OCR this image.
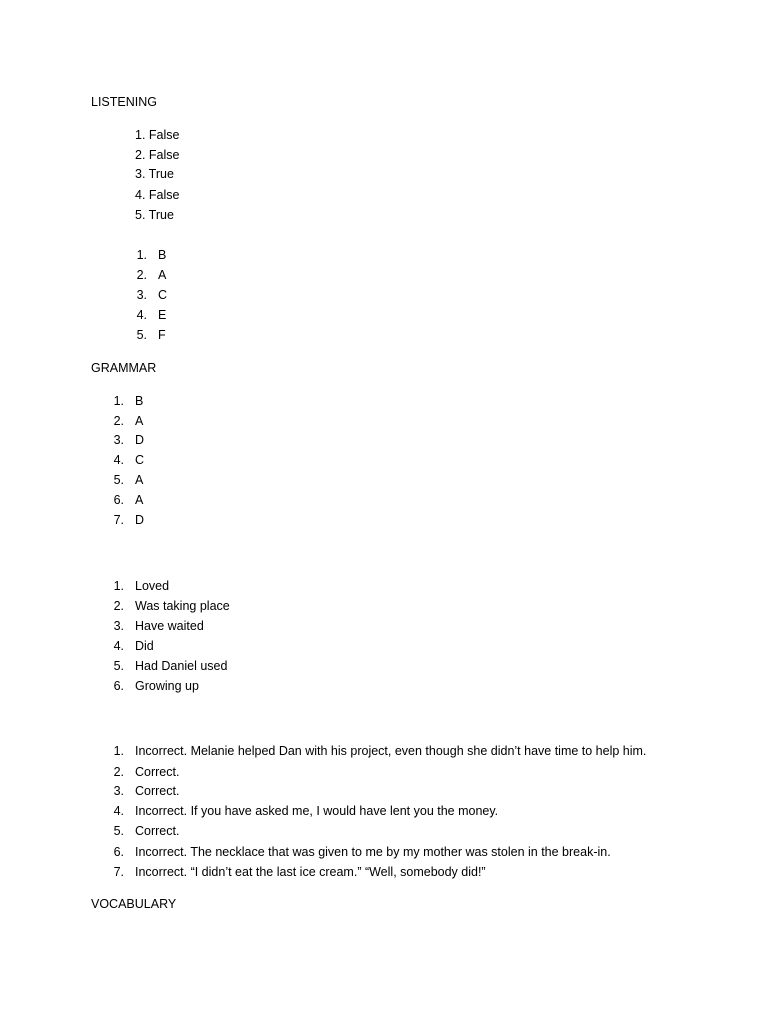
LISTENING
GRAMMAR
VOCABULARY
1. False
2. False
3. True
4. False
5. True
1. B
2. A
3. C
4. E
5. F
1. B
2. A
3. D
4. C
5. A
6. A
7. D
1. Loved
2. Was taking place
3. Have waited
4. Did
5. Had Daniel used
6. Growing up
1. Incorrect. Melanie helped Dan with his project, even though she didn’t have time to help him.
2. Correct.
3. Correct.
4. Incorrect. If you have asked me, I would have lent you the money.
5. Correct.
6. Incorrect. The necklace that was given to me by my mother was stolen in the break-in.
7. Incorrect. “I didn’t eat the last ice cream.” “Well, somebody did!”
